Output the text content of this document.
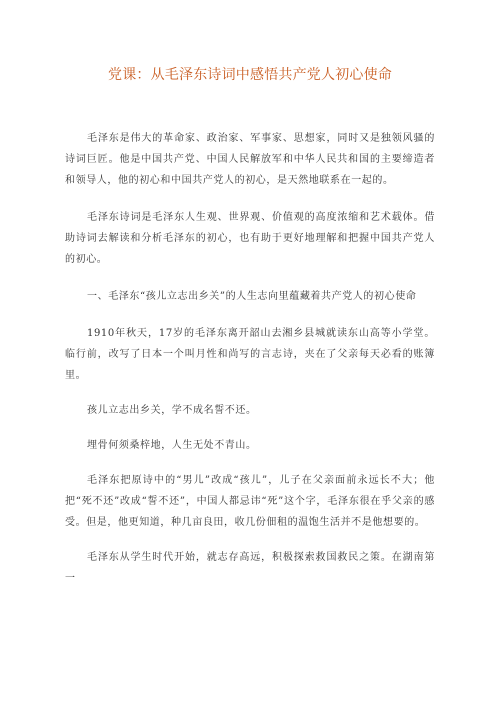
党课：从毛泽东诗词中感悟共产党人初心使命

毛泽东是伟大的革命家、政治家、军事家、思想家，同时又是独领风骚的诗词巨匠。他是中国共产党、中国人民解放军和中华人民共和国的主要缔造者和领导人，他的初心和中国共产党人的初心，是天然地联系在一起的。

毛泽东诗词是毛泽东人生观、世界观、价值观的高度浓缩和艺术载体。借助诗词去解读和分析毛泽东的初心，也有助于更好地理解和把握中国共产党人的初心。

一、毛泽东“孩儿立志出乡关”的人生志向里蕴藏着共产党人的初心使命

1910年秋天，17岁的毛泽东离开韶山去湘乡县城就读东山高等小学堂。临行前，改写了日本一个叫月性和尚写的言志诗，夹在了父亲每天必看的账簿里。

孩儿立志出乡关，学不成名誓不还。

埋骨何须桑梓地，人生无处不青山。

毛泽东把原诗中的“男儿”改成“孩儿”，儿子在父亲面前永远长不大；他把“死不还”改成“誓不还”，中国人都忌讳“死”这个字，毛泽东很在乎父亲的感受。但是，他更知道，种几亩良田，收几份佃租的温饱生活并不是他想要的。

毛泽东从学生时代开始，就志存高远，积极探索救国救民之策。在湖南第一
